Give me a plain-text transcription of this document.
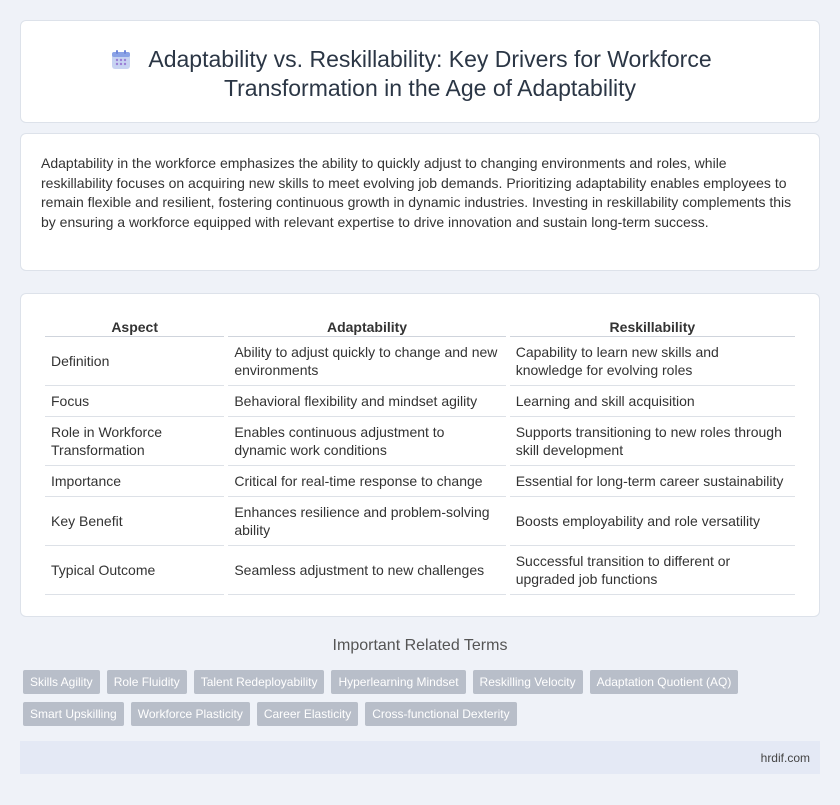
Adaptability vs. Reskillability: Key Drivers for Workforce Transformation in the Age of Adaptability

Adaptability in the workforce emphasizes the ability to quickly adjust to changing environments and roles, while reskillability focuses on acquiring new skills to meet evolving job demands. Prioritizing adaptability enables employees to remain flexible and resilient, fostering continuous growth in dynamic industries. Investing in reskillability complements this by ensuring a workforce equipped with relevant expertise to drive innovation and sustain long-term success.

Aspect	Adaptability	Reskillability
Definition	Ability to adjust quickly to change and new environments	Capability to learn new skills and knowledge for evolving roles
Focus	Behavioral flexibility and mindset agility	Learning and skill acquisition
Role in Workforce Transformation	Enables continuous adjustment to dynamic work conditions	Supports transitioning to new roles through skill development
Importance	Critical for real-time response to change	Essential for long-term career sustainability
Key Benefit	Enhances resilience and problem-solving ability	Boosts employability and role versatility
Typical Outcome	Seamless adjustment to new challenges	Successful transition to different or upgraded job functions
Important Related Terms
Skills Agility Role Fluidity Talent Redeployability Hyperlearning Mindset Reskilling Velocity Adaptation Quotient (AQ)
Smart Upskilling Workforce Plasticity Career Elasticity Cross-functional Dexterity
hrdif.com
